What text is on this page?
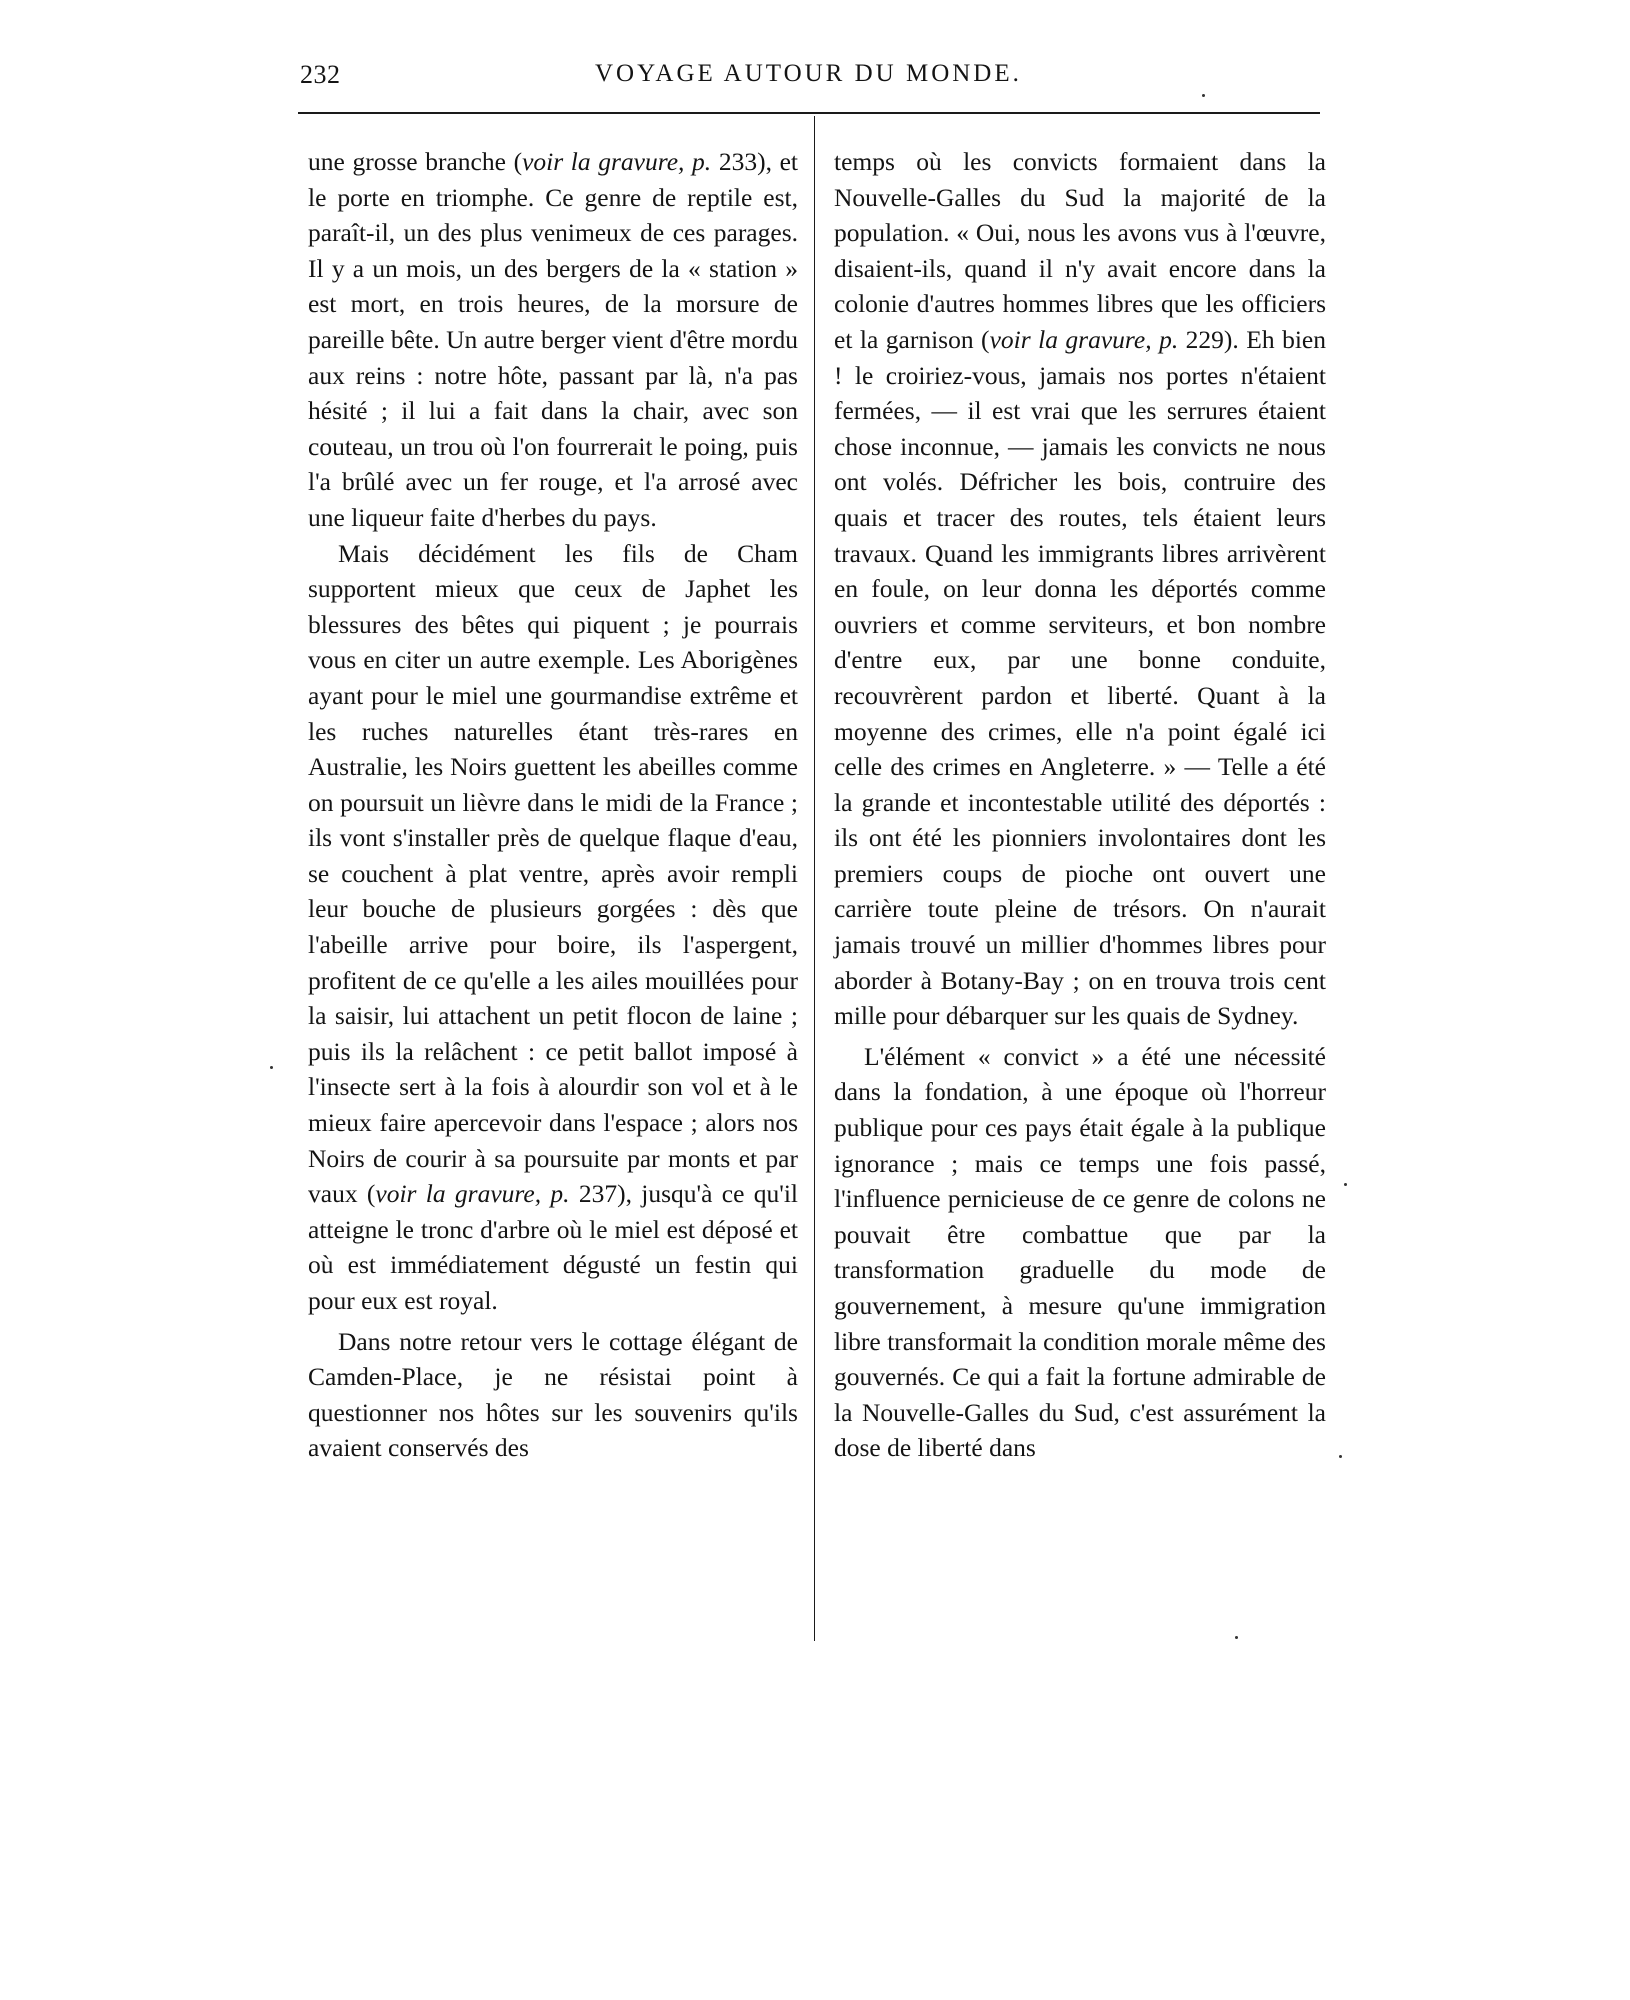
232	VOYAGE AUTOUR DU MONDE.

une grosse branche (voir la gravure, p. 233), et le porte en triomphe. Ce genre de reptile est, paraît-il, un des plus venimeux de ces parages. Il y a un mois, un des bergers de la « station » est mort, en trois heures, de la morsure de pareille bête. Un autre berger vient d'être mordu aux reins : notre hôte, passant par là, n'a pas hésité ; il lui a fait dans la chair, avec son couteau, un trou où l'on fourrerait le poing, puis l'a brûlé avec un fer rouge, et l'a arrosé avec une liqueur faite d'herbes du pays.

Mais décidément les fils de Cham supportent mieux que ceux de Japhet les blessures des bêtes qui piquent ; je pourrais vous en citer un autre exemple. Les Aborigènes ayant pour le miel une gourmandise extrême et les ruches naturelles étant très-rares en Australie, les Noirs guettent les abeilles comme on poursuit un lièvre dans le midi de la France ; ils vont s'installer près de quelque flaque d'eau, se couchent à plat ventre, après avoir rempli leur bouche de plusieurs gorgées : dès que l'abeille arrive pour boire, ils l'aspergent, profitent de ce qu'elle a les ailes mouillées pour la saisir, lui attachent un petit flocon de laine ; puis ils la relâchent : ce petit ballot imposé à l'insecte sert à la fois à alourdir son vol et à le mieux faire apercevoir dans l'espace ; alors nos Noirs de courir à sa poursuite par monts et par vaux (voir la gravure, p. 237), jusqu'à ce qu'il atteigne le tronc d'arbre où le miel est déposé et où est immédiatement dégusté un festin qui pour eux est royal.

Dans notre retour vers le cottage élégant de Camden-Place, je ne résistai point à questionner nos hôtes sur les souvenirs qu'ils avaient conservés des

temps où les convicts formaient dans la Nouvelle-Galles du Sud la majorité de la population. « Oui, nous les avons vus à l'œuvre, disaient-ils, quand il n'y avait encore dans la colonie d'autres hommes libres que les officiers et la garnison (voir la gravure, p. 229). Eh bien ! le croiriez-vous, jamais nos portes n'étaient fermées, — il est vrai que les serrures étaient chose inconnue, — jamais les convicts ne nous ont volés. Défricher les bois, contruire des quais et tracer des routes, tels étaient leurs travaux. Quand les immigrants libres arrivèrent en foule, on leur donna les déportés comme ouvriers et comme serviteurs, et bon nombre d'entre eux, par une bonne conduite, recouvrèrent pardon et liberté. Quant à la moyenne des crimes, elle n'a point égalé ici celle des crimes en Angleterre. » — Telle a été la grande et incontestable utilité des déportés : ils ont été les pionniers involontaires dont les premiers coups de pioche ont ouvert une carrière toute pleine de trésors. On n'aurait jamais trouvé un millier d'hommes libres pour aborder à Botany-Bay ; on en trouva trois cent mille pour débarquer sur les quais de Sydney.

L'élément « convict » a été une nécessité dans la fondation, à une époque où l'horreur publique pour ces pays était égale à la publique ignorance ; mais ce temps une fois passé, l'influence pernicieuse de ce genre de colons ne pouvait être combattue que par la transformation graduelle du mode de gouvernement, à mesure qu'une immigration libre transformait la condition morale même des gouvernés. Ce qui a fait la fortune admirable de la Nouvelle-Galles du Sud, c'est assurément la dose de liberté dans
